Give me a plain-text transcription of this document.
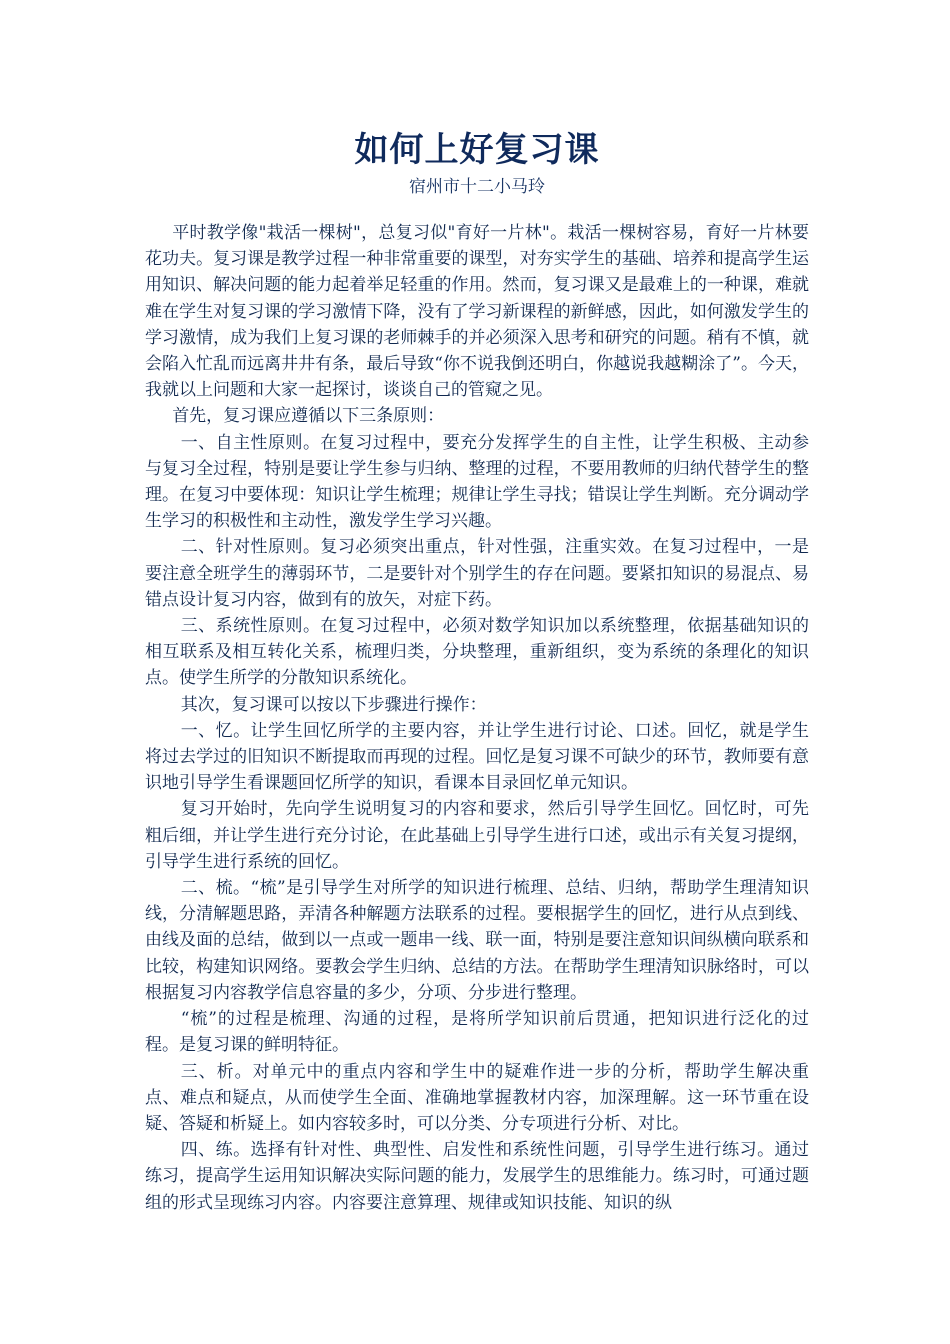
如何上好复习课
宿州市十二小马玲

平时教学像"栽活一棵树"，总复习似"育好一片林"。栽活一棵树容易，育好一片林要花功夫。复习课是教学过程一种非常重要的课型，对夯实学生的基础、培养和提高学生运用知识、解决问题的能力起着举足轻重的作用。然而，复习课又是最难上的一种课，难就难在学生对复习课的学习激情下降，没有了学习新课程的新鲜感，因此，如何激发学生的学习激情，成为我们上复习课的老师棘手的并必须深入思考和研究的问题。稍有不慎，就会陷入忙乱而远离井井有条，最后导致“你不说我倒还明白，你越说我越糊涂了”。今天，我就以上问题和大家一起探讨，谈谈自己的管窥之见。

首先，复习课应遵循以下三条原则：

一、自主性原则。在复习过程中，要充分发挥学生的自主性，让学生积极、主动参与复习全过程，特别是要让学生参与归纳、整理的过程，不要用教师的归纳代替学生的整理。在复习中要体现：知识让学生梳理；规律让学生寻找；错误让学生判断。充分调动学生学习的积极性和主动性，激发学生学习兴趣。

二、针对性原则。复习必须突出重点，针对性强，注重实效。在复习过程中，一是要注意全班学生的薄弱环节，二是要针对个别学生的存在问题。要紧扣知识的易混点、易错点设计复习内容，做到有的放矢，对症下药。

三、系统性原则。在复习过程中，必须对数学知识加以系统整理，依据基础知识的相互联系及相互转化关系，梳理归类，分块整理，重新组织，变为系统的条理化的知识点。使学生所学的分散知识系统化。

其次，复习课可以按以下步骤进行操作：

一、忆。让学生回忆所学的主要内容，并让学生进行讨论、口述。回忆，就是学生将过去学过的旧知识不断提取而再现的过程。回忆是复习课不可缺少的环节，教师要有意识地引导学生看课题回忆所学的知识，看课本目录回忆单元知识。

复习开始时，先向学生说明复习的内容和要求，然后引导学生回忆。回忆时，可先粗后细，并让学生进行充分讨论，在此基础上引导学生进行口述，或出示有关复习提纲，引导学生进行系统的回忆。

二、梳。“梳”是引导学生对所学的知识进行梳理、总结、归纳，帮助学生理清知识线，分清解题思路，弄清各种解题方法联系的过程。要根据学生的回忆，进行从点到线、由线及面的总结，做到以一点或一题串一线、联一面，特别是要注意知识间纵横向联系和比较，构建知识网络。要教会学生归纳、总结的方法。在帮助学生理清知识脉络时，可以根据复习内容教学信息容量的多少，分项、分步进行整理。

“梳”的过程是梳理、沟通的过程，是将所学知识前后贯通，把知识进行泛化的过程。是复习课的鲜明特征。

三、析。对单元中的重点内容和学生中的疑难作进一步的分析，帮助学生解决重点、难点和疑点，从而使学生全面、准确地掌握教材内容，加深理解。这一环节重在设疑、答疑和析疑上。如内容较多时，可以分类、分专项进行分析、对比。

四、练。选择有针对性、典型性、启发性和系统性问题，引导学生进行练习。通过练习，提高学生运用知识解决实际问题的能力，发展学生的思维能力。练习时，可通过题组的形式呈现练习内容。内容要注意算理、规律或知识技能、知识的纵
